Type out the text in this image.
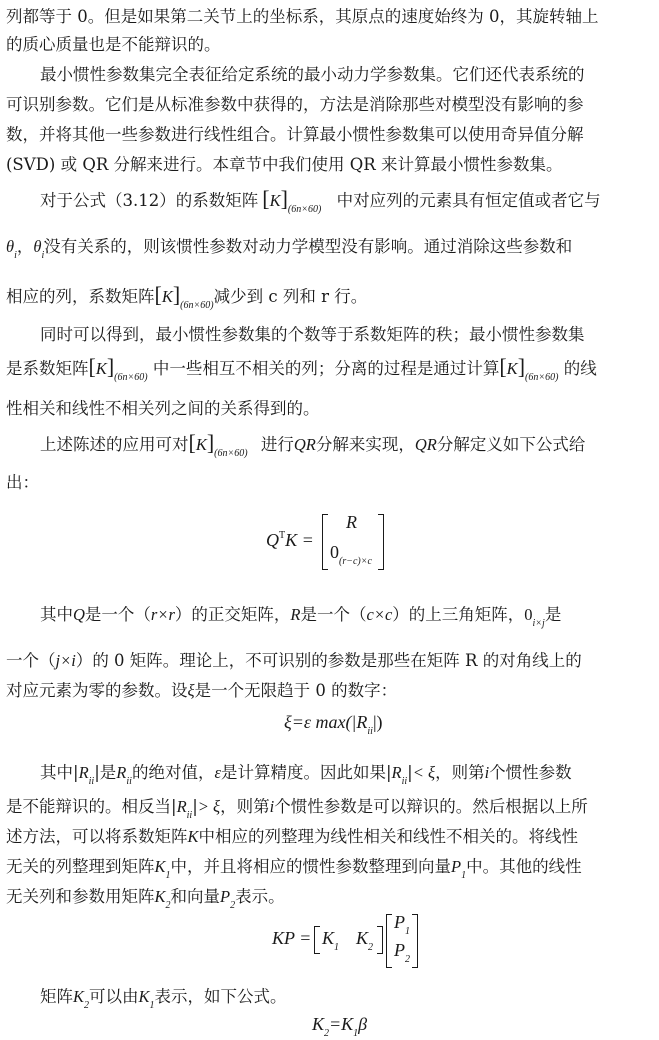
列都等于 0。但是如果第二关节上的坐标系，其原点的速度始终为 0，其旋转轴上
的质心质量也是不能辩识的。
最小惯性参数集完全表征给定系统的最小动力学参数集。它们还代表系统的
可识别参数。它们是从标准参数中获得的，方法是消除那些对模型没有影响的参
数，并将其他一些参数进行线性组合。计算最小惯性参数集可以使用奇异值分解
(SVD) 或 QR 分解来进行。本章节中我们使用 QR 来计算最小惯性参数集。
对于公式（3.12）的系数矩阵 $[K]_{(6n\times 60)}$ 中对应列的元素具有恒定值或者它与
$\theta_i$，$\thetȧ_i$没有关系的，则该惯性参数对动力学模型没有影响。通过消除这些参数和
相应的列，系数矩阵$[K]_{(6n\times 60)}$减少到 c 列和 r 行。
同时可以得到，最小惯性参数集的个数等于系数矩阵的秩；最小惯性参数集
是系数矩阵$[K]_{(6n\times 60)}$ 中一些相互不相关的列；分离的过程是通过计算$[K]_{(6n\times 60)}$ 的线
性相关和线性不相关列之间的关系得到的。
上述陈述的应用可对$[K]_{(6n\times 60)}$ 进行QR分解来实现，QR分解定义如下公式给
出：
$Q^TK$ =
R
$0_{(r-c)\times c}$
其中Q是一个（r×r）的正交矩阵，R是一个（c×c）的上三角矩阵，$0_{i\times j}$是
一个（j×i）的 0 矩阵。理论上，不可识别的参数是那些在矩阵 R 的对角线上的
对应元素为零的参数。设ξ是一个无限趋于 0 的数字：
ξ=ε $\max(|R_{ii}|)$
其中$|R_{ii}|$是$R_{ii}$的绝对值，ε是计算精度。因此如果$|R_{ii}|< \xi$，则第i个惯性参数
是不能辩识的。相反当$|R_{ii}|> \xi$，则第i个惯性参数是可以辩识的。然后根据以上所
述方法，可以将系数矩阵K中相应的列整理为线性相关和线性不相关的。将线性
无关的列整理到矩阵$K_1$中，并且将相应的惯性参数整理到向量$P_1$中。其他的线性
无关列和参数用矩阵$K_2$和向量$P_2$表示。
KP = $K_1$ $K_2$
$P_1$
$P_2$
矩阵$K_2$可以由$K_1$表示，如下公式。
$K_2=K_1\beta$
